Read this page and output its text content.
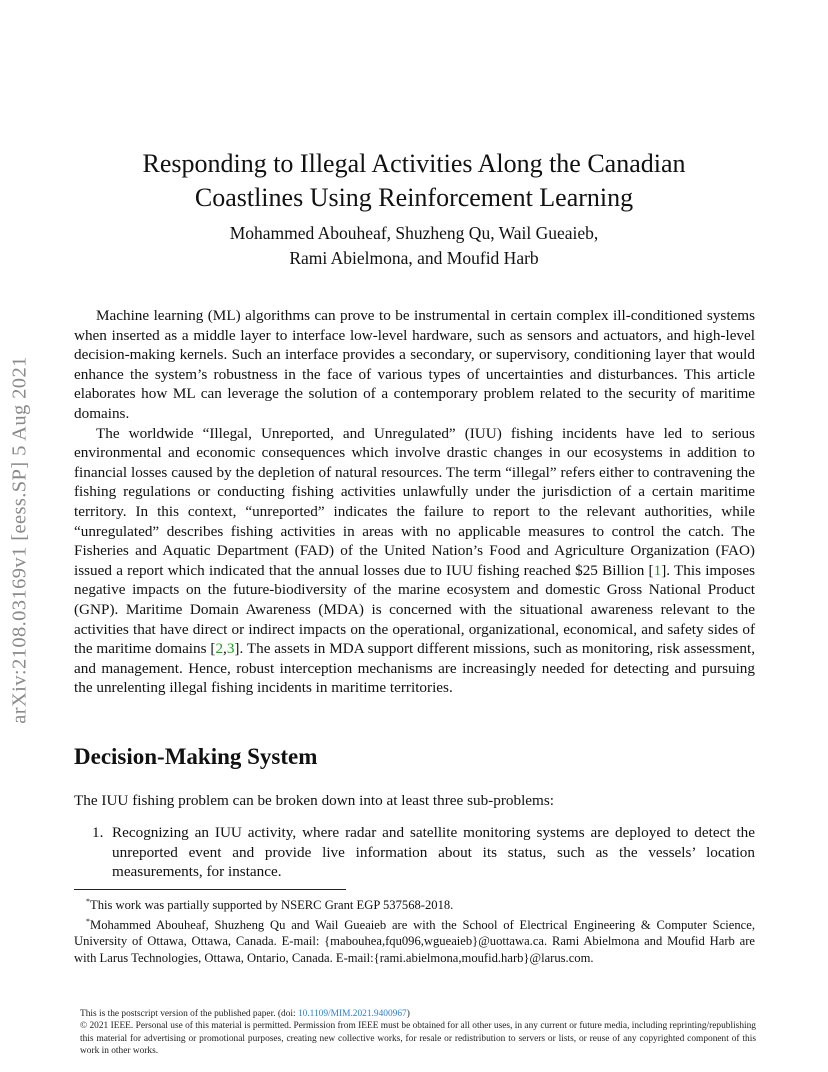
arXiv:2108.03169v1 [eess.SP] 5 Aug 2021
Responding to Illegal Activities Along the Canadian
Coastlines Using Reinforcement Learning
Mohammed Abouheaf, Shuzheng Qu, Wail Gueaieb,
Rami Abielmona, and Moufid Harb

Machine learning (ML) algorithms can prove to be instrumental in certain complex ill-conditioned systems when inserted as a middle layer to interface low-level hardware, such as sensors and actuators, and high-level decision-making kernels. Such an interface provides a secondary, or supervisory, conditioning layer that would enhance the system’s robustness in the face of various types of uncertainties and disturbances. This article elaborates how ML can leverage the solution of a contemporary problem related to the security of maritime domains.

The worldwide “Illegal, Unreported, and Unregulated” (IUU) fishing incidents have led to serious environmental and economic consequences which involve drastic changes in our ecosystems in addition to financial losses caused by the depletion of natural resources. The term “illegal” refers either to contravening the fishing regulations or conducting fishing activities unlawfully under the jurisdiction of a certain maritime territory. In this context, “unreported” indicates the failure to report to the relevant authorities, while “unregulated” describes fishing activities in areas with no applicable measures to control the catch. The Fisheries and Aquatic Department (FAD) of the United Nation’s Food and Agriculture Organization (FAO) issued a report which indicated that the annual losses due to IUU fishing reached $25 Billion [1]. This imposes negative impacts on the future-biodiversity of the marine ecosystem and domestic Gross National Product (GNP). Maritime Domain Awareness (MDA) is concerned with the situational awareness relevant to the activities that have direct or indirect impacts on the operational, organizational, economical, and safety sides of the maritime domains [2,3]. The assets in MDA support different missions, such as monitoring, risk assessment, and management. Hence, robust interception mechanisms are increasingly needed for detecting and pursuing the unrelenting illegal fishing incidents in maritime territories.

Decision-Making System
The IUU fishing problem can be broken down into at least three sub-problems:
1. Recognizing an IUU activity, where radar and satellite monitoring systems are deployed to detect the unreported event and provide live information about its status, such as the vessels’ location measurements, for instance.

*This work was partially supported by NSERC Grant EGP 537568-2018.

*Mohammed Abouheaf, Shuzheng Qu and Wail Gueaieb are with the School of Electrical Engineering & Computer Science, University of Ottawa, Ottawa, Canada. E-mail: {mabouhea,fqu096,wgueaieb}@uottawa.ca. Rami Abielmona and Moufid Harb are with Larus Technologies, Ottawa, Ontario, Canada. E-mail:{rami.abielmona,moufid.harb}@larus.com.

This is the postscript version of the published paper. (doi: 10.1109/MIM.2021.9400967)

© 2021 IEEE. Personal use of this material is permitted. Permission from IEEE must be obtained for all other uses, in any current or future media, including reprinting/republishing this material for advertising or promotional purposes, creating new collective works, for resale or redistribution to servers or lists, or reuse of any copyrighted component of this work in other works.
